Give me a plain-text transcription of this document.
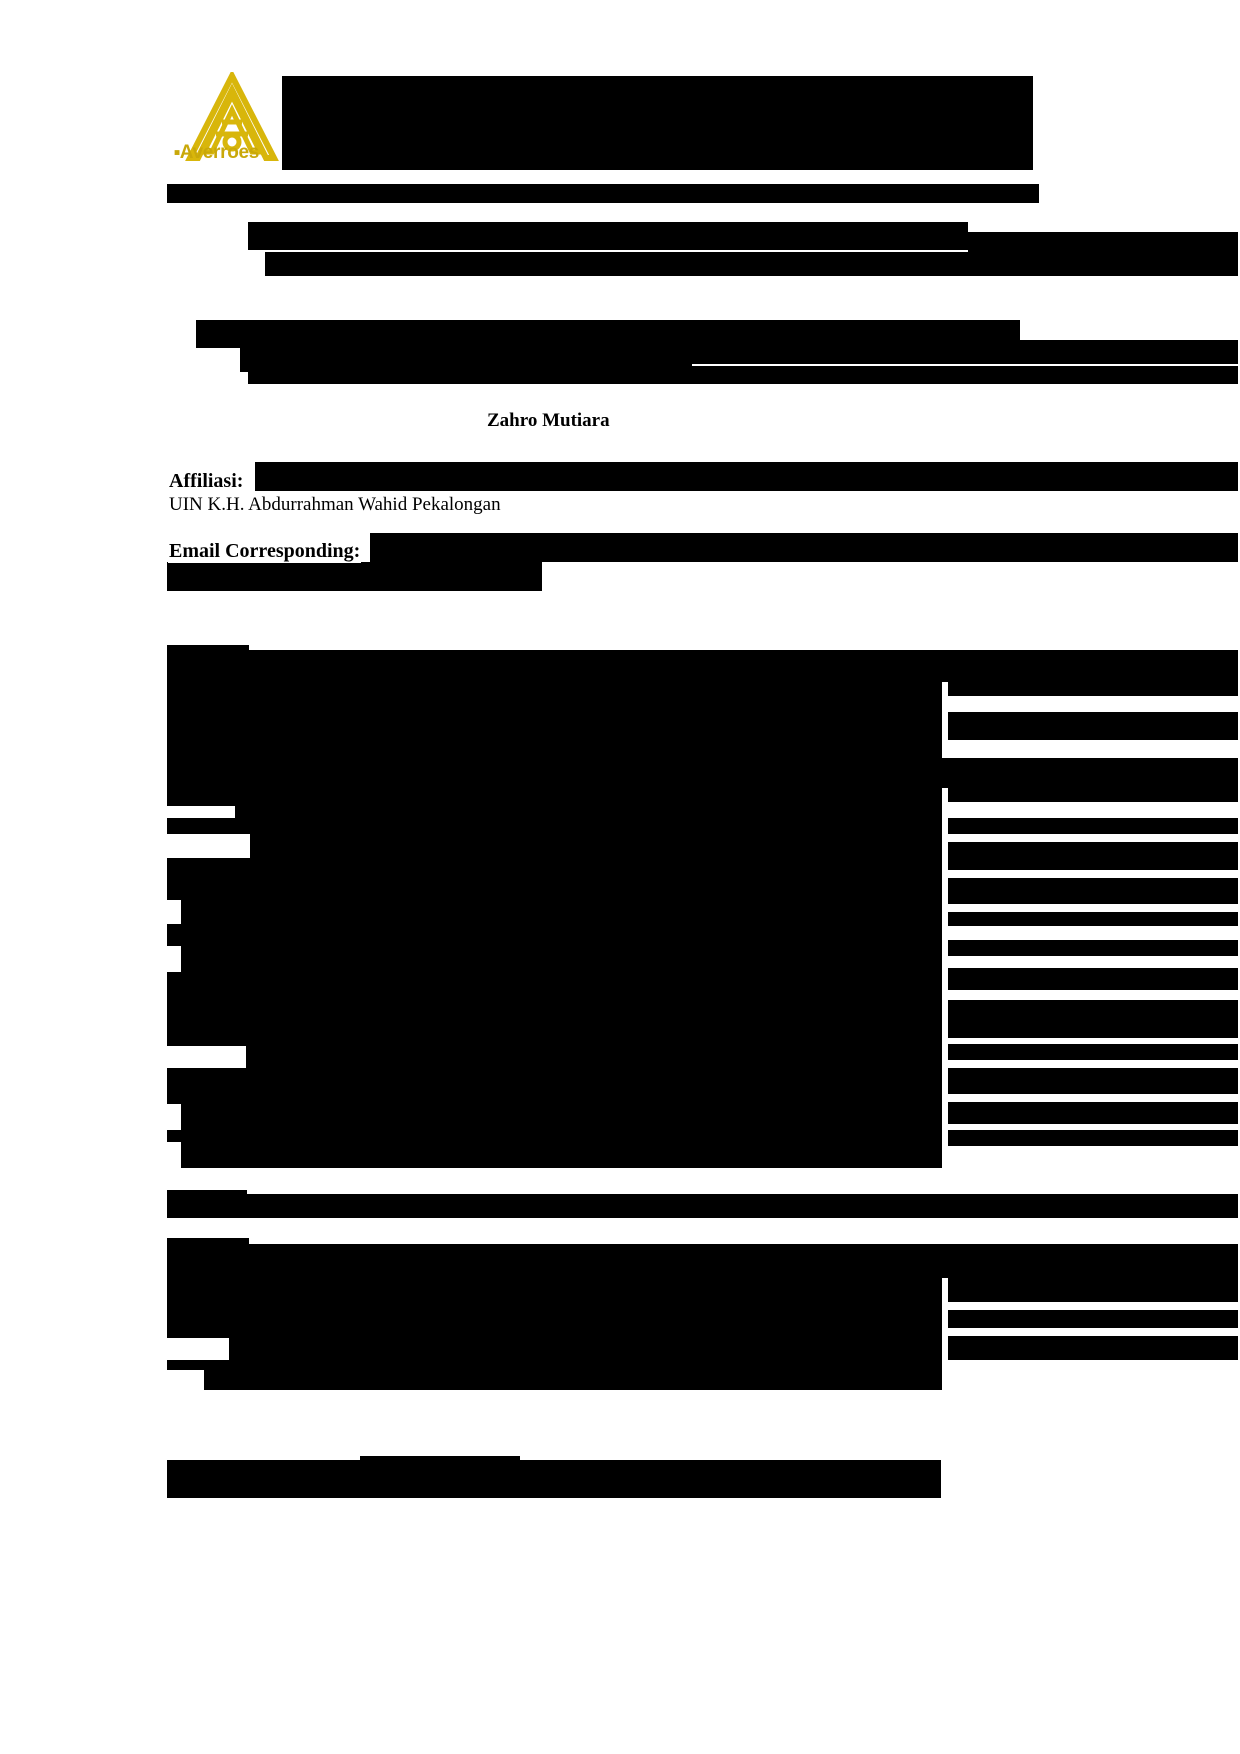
■Averroes
Zahro Mutiara
Affiliasi:
UIN K.H. Abdurrahman Wahid Pekalongan
Email Corresponding:
